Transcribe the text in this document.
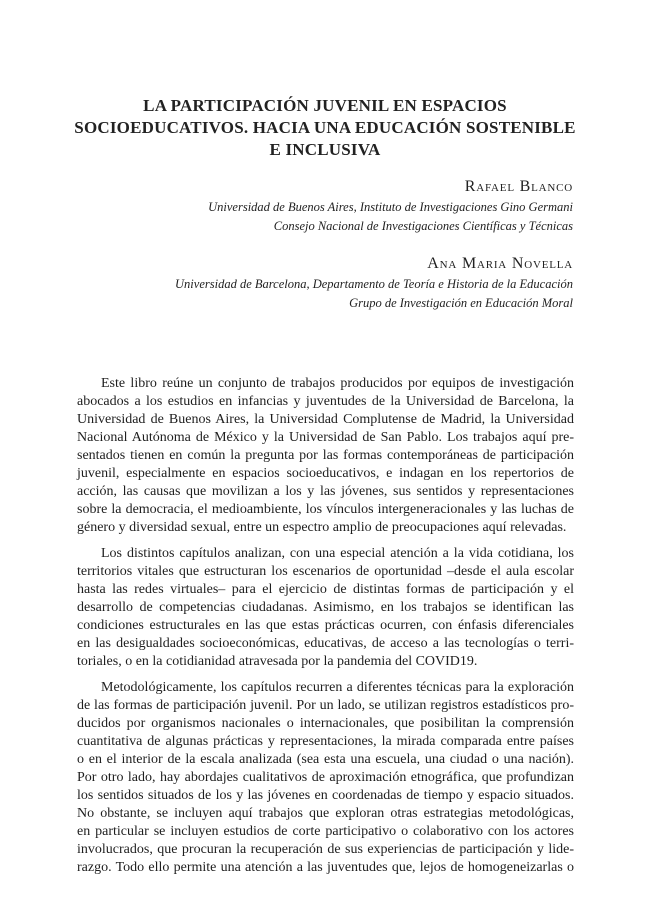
LA PARTICIPACIÓN JUVENIL EN ESPACIOS
SOCIOEDUCATIVOS. HACIA UNA EDUCACIÓN SOSTENIBLE
E INCLUSIVA
Rafael Blanco
Universidad de Buenos Aires, Instituto de Investigaciones Gino Germani
Consejo Nacional de Investigaciones Científicas y Técnicas
Ana Maria Novella
Universidad de Barcelona, Departamento de Teoría e Historia de la Educación
Grupo de Investigación en Educación Moral
Este libro reúne un conjunto de trabajos producidos por equipos de investigación
abocados a los estudios en infancias y juventudes de la Universidad de Barcelona, la
Universidad de Buenos Aires, la Universidad Complutense de Madrid, la Universidad
Nacional Autónoma de México y la Universidad de San Pablo. Los trabajos aquí pre-
sentados tienen en común la pregunta por las formas contemporáneas de participación
juvenil, especialmente en espacios socioeducativos, e indagan en los repertorios de
acción, las causas que movilizan a los y las jóvenes, sus sentidos y representaciones
sobre la democracia, el medioambiente, los vínculos intergeneracionales y las luchas de
género y diversidad sexual, entre un espectro amplio de preocupaciones aquí relevadas.
Los distintos capítulos analizan, con una especial atención a la vida cotidiana, los
territorios vitales que estructuran los escenarios de oportunidad –desde el aula escolar
hasta las redes virtuales– para el ejercicio de distintas formas de participación y el
desarrollo de competencias ciudadanas. Asimismo, en los trabajos se identifican las
condiciones estructurales en las que estas prácticas ocurren, con énfasis diferenciales
en las desigualdades socioeconómicas, educativas, de acceso a las tecnologías o terri-
toriales, o en la cotidianidad atravesada por la pandemia del COVID19.
Metodológicamente, los capítulos recurren a diferentes técnicas para la exploración
de las formas de participación juvenil. Por un lado, se utilizan registros estadísticos pro-
ducidos por organismos nacionales o internacionales, que posibilitan la comprensión
cuantitativa de algunas prácticas y representaciones, la mirada comparada entre países
o en el interior de la escala analizada (sea esta una escuela, una ciudad o una nación).
Por otro lado, hay abordajes cualitativos de aproximación etnográfica, que profundizan
los sentidos situados de los y las jóvenes en coordenadas de tiempo y espacio situados.
No obstante, se incluyen aquí trabajos que exploran otras estrategias metodológicas,
en particular se incluyen estudios de corte participativo o colaborativo con los actores
involucrados, que procuran la recuperación de sus experiencias de participación y lide-
razgo. Todo ello permite una atención a las juventudes que, lejos de homogeneizarlas o
